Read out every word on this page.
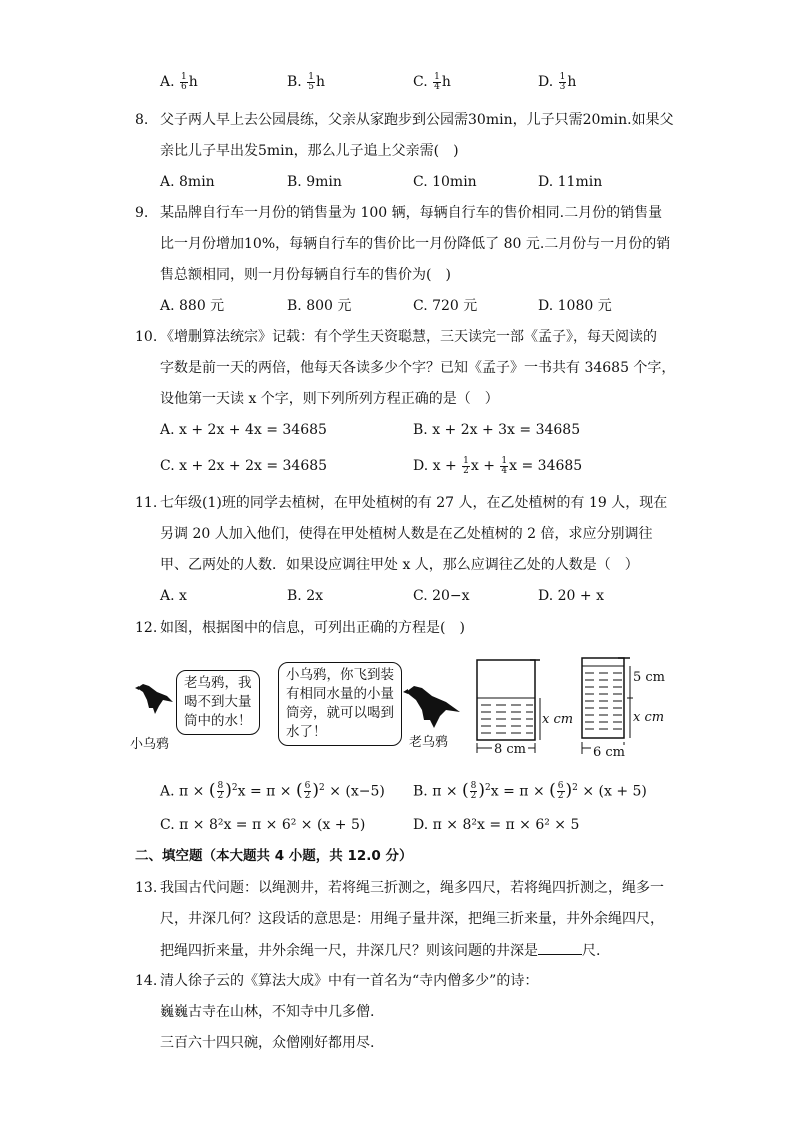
A. $\frac{1}{6}$ h	B. $\frac{1}{5}$ h	C. $\frac{1}{4}$ h	D. $\frac{1}{3}$ h
8. 父子两人早上去公园晨练，父亲从家跑步到公园需30min，儿子只需20min.如果父
亲比儿子早出发5min，那么儿子追上父亲需(　)
A. 8min	B. 9min	C. 10min	D. 11min
9. 某品牌自行车一月份的销售量为 100 辆，每辆自行车的售价相同.二月份的销售量
比一月份增加10%，每辆自行车的售价比一月份降低了 80 元.二月份与一月份的销
售总额相同，则一月份每辆自行车的售价为(　)
A. 880 元	B. 800 元	C. 720 元	D. 1080 元
10. 《增删算法统宗》记载：有个学生天资聪慧，三天读完一部《孟子》，每天阅读的
字数是前一天的两倍，他每天各读多少个字？已知《孟子》一书共有 34685 个字，
设他第一天读 x 个字，则下列所列方程正确的是（　）
A. x + 2x + 4x = 34685	B. x + 2x + 3x = 34685
C. x + 2x + 2x = 34685	D. $x + \frac{1}{2}$ $x + \frac{1}{4}$ x = 34685
11. 七年级(1)班的同学去植树，在甲处植树的有 27 人，在乙处植树的有 19 人，现在
另调 20 人加入他们，使得在甲处植树人数是在乙处植树的 2 倍，求应分别调往
甲、乙两处的人数．如果设应调往甲处 x 人，那么应调往乙处的人数是（　）
A. x	B. 2x	C. 20−x	D. 20 + x
12. 如图，根据图中的信息，可列出正确的方程是(　)
小乌鸦
老乌鸦，我
喝不到大量
筒中的水！
小乌鸦，你飞到装
有相同水量的小量
筒旁，就可以喝到
水了！
老乌鸦
x cm
8 cm
5 cm
x cm
6 cm
A. π × ( $\frac{8}{2} )^2x = \pi$ × ( $\frac{6}{2} )^2 \times (x-5)$ B. π × ( $\frac{8}{2} )^2x = \pi$ × ( $\frac{6}{2} )^2 \times (x + 5)$
C. π × 8²x = π × 6² × (x + 5)	D. π × 8²x = π × 6² × 5
二、填空题（本大题共 4 小题，共 12.0 分）
13. 我国古代问题：以绳测井，若将绳三折测之，绳多四尺，若将绳四折测之，绳多一
尺，井深几何？这段话的意思是：用绳子量井深，把绳三折来量，井外余绳四尺，
把绳四折来量，井外余绳一尺，井深几尺？则该问题的井深是	尺.
14. 清人徐子云的《算法大成》中有一首名为“寺内僧多少”的诗：
巍巍古寺在山林，不知寺中几多僧.
三百六十四只碗，众僧刚好都用尽.
